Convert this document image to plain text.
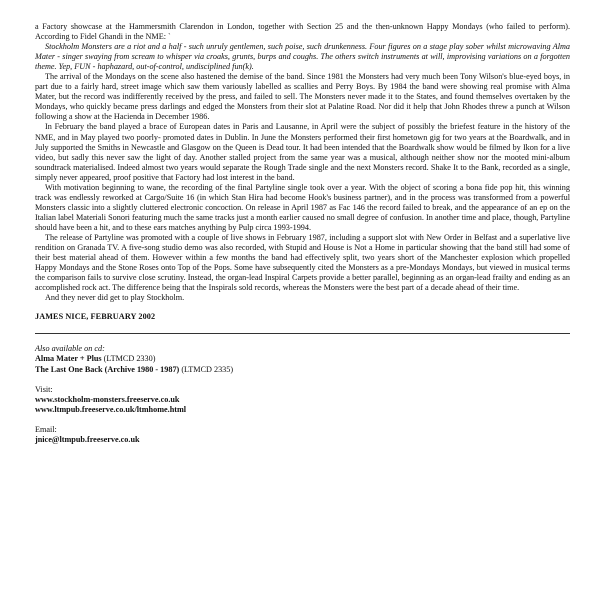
a Factory showcase at the Hammersmith Clarendon in London, together with Section 25 and the then-unknown Happy Mondays (who failed to perform). According to Fidel Ghandi in the NME: `

Stockholm Monsters are a riot and a half - such unruly gentlemen, such poise, such drunkenness. Four figures on a stage play sober whilst microwaving Alma Mater - singer swaying from scream to whisper via croaks, grunts, burps and coughs. The others switch instruments at will, improvising variations on a forgotten theme. Yep, FUN - haphazard, out-of-control, undisciplined fun(k).

The arrival of the Mondays on the scene also hastened the demise of the band. Since 1981 the Monsters had very much been Tony Wilson's blue-eyed boys, in part due to a fairly hard, street image which saw them variously labelled as scallies and Perry Boys. By 1984 the band were showing real promise with Alma Mater, but the record was indifferently received by the press, and failed to sell. The Monsters never made it to the States, and found themselves overtaken by the Mondays, who quickly became press darlings and edged the Monsters from their slot at Palatine Road. Nor did it help that John Rhodes threw a punch at Wilson following a show at the Hacienda in December 1986.

In February the band played a brace of European dates in Paris and Lausanne, in April were the subject of possibly the briefest feature in the history of the NME, and in May played two poorly- promoted dates in Dublin. In June the Monsters performed their first hometown gig for two years at the Boardwalk, and in July supported the Smiths in Newcastle and Glasgow on the Queen is Dead tour. It had been intended that the Boardwalk show would be filmed by Ikon for a live video, but sadly this never saw the light of day. Another stalled project from the same year was a musical, although neither show nor the mooted mini-album soundtrack materialised. Indeed almost two years would separate the Rough Trade single and the next Monsters record. Shake It to the Bank, recorded as a single, simply never appeared, proof positive that Factory had lost interest in the band.

With motivation beginning to wane, the recording of the final Partyline single took over a year. With the object of scoring a bona fide pop hit, this winning track was endlessly reworked at Cargo/Suite 16 (in which Stan Hira had become Hook's business partner), and in the process was transformed from a powerful Monsters classic into a slightly cluttered electronic concoction. On release in April 1987 as Fac 146 the record failed to break, and the appearance of an ep on the Italian label Materiali Sonori featuring much the same tracks just a month earlier caused no small degree of confusion. In another time and place, though, Partyline should have been a hit, and to these ears matches anything by Pulp circa 1993-1994.

The release of Partyline was promoted with a couple of live shows in February 1987, including a support slot with New Order in Belfast and a superlative live rendition on Granada TV. A five-song studio demo was also recorded, with Stupid and House is Not a Home in particular showing that the band still had some of their best material ahead of them. However within a few months the band had effectively split, two years short of the Manchester explosion which propelled Happy Mondays and the Stone Roses onto Top of the Pops. Some have subsequently cited the Monsters as a pre-Mondays Mondays, but viewed in musical terms the comparison fails to survive close scrutiny. Instead, the organ-lead Inspiral Carpets provide a better parallel, beginning as an organ-lead frailty and ending as an accomplished rock act. The difference being that the Inspirals sold records, whereas the Monsters were the best part of a decade ahead of their time.

And they never did get to play Stockholm.

JAMES NICE, FEBRUARY 2002
Also available on cd:
Alma Mater + Plus (LTMCD 2330)
The Last One Back (Archive 1980 - 1987) (LTMCD 2335)
Visit:
www.stockholm-monsters.freeserve.co.uk
www.ltmpub.freeserve.co.uk/ltmhome.html
Email:
jnice@ltmpub.freeserve.co.uk
